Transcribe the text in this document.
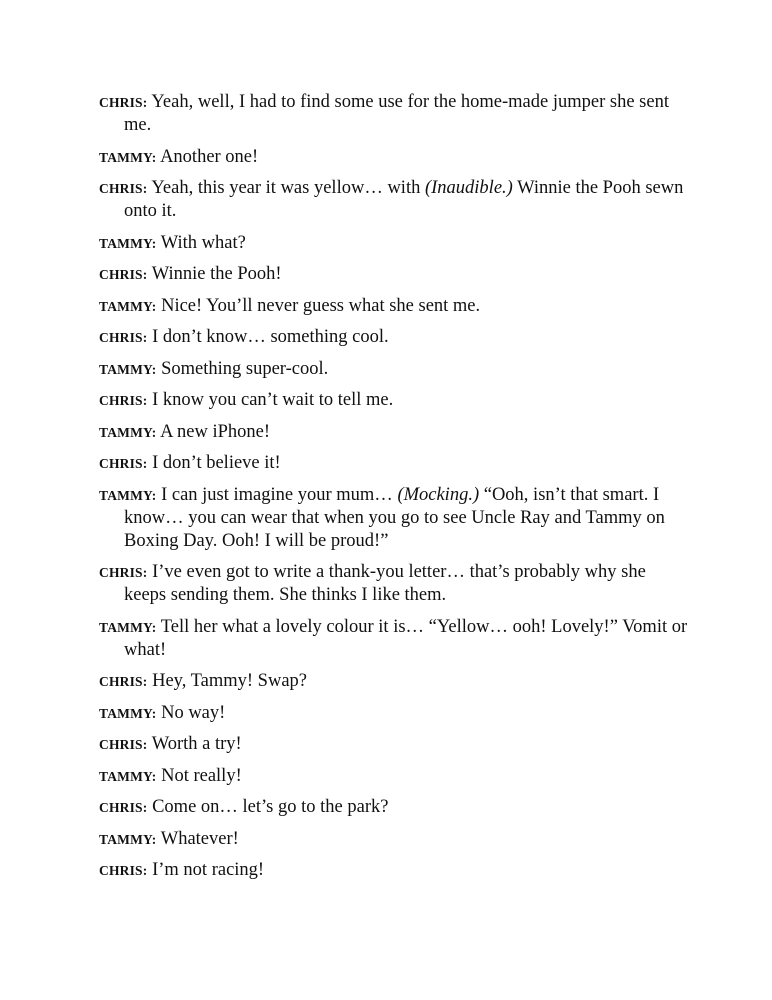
CHRIS: Yeah, well, I had to find some use for the home-made jumper she sent me.

TAMMY: Another one!

CHRIS: Yeah, this year it was yellow… with (Inaudible.) Winnie the Pooh sewn onto it.

TAMMY: With what?

CHRIS: Winnie the Pooh!

TAMMY: Nice! You’ll never guess what she sent me.

CHRIS: I don’t know… something cool.

TAMMY: Something super-cool.

CHRIS: I know you can’t wait to tell me.

TAMMY: A new iPhone!

CHRIS: I don’t believe it!

TAMMY: I can just imagine your mum… (Mocking.) “Ooh, isn’t that smart. I know… you can wear that when you go to see Uncle Ray and Tammy on Boxing Day. Ooh! I will be proud!”

CHRIS: I’ve even got to write a thank-you letter… that’s probably why she keeps sending them. She thinks I like them.

TAMMY: Tell her what a lovely colour it is… “Yellow… ooh! Lovely!” Vomit or what!

CHRIS: Hey, Tammy! Swap?

TAMMY: No way!

CHRIS: Worth a try!

TAMMY: Not really!

CHRIS: Come on… let’s go to the park?

TAMMY: Whatever!

CHRIS: I’m not racing!
